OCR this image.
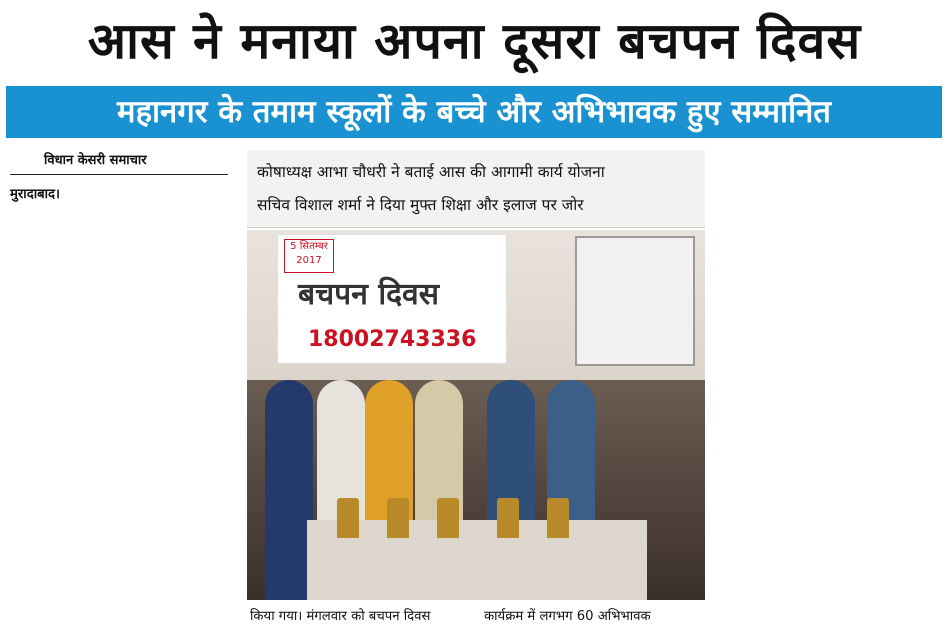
आस ने मनाया अपना दूसरा बचपन दिवस
महानगर के तमाम स्कूलों के बच्चे और अभिभावक हुए सम्मानित
विधान केसरी समाचार
मुरादाबाद।
कोषाध्यक्ष आभा चौधरी ने बताई आस की आगामी कार्य योजना
सचिव विशाल शर्मा ने दिया मुफ्त शिक्षा और इलाज पर जोर
5 सितम्बर 2017
बचपन दिवस
18002743336
किया गया। मंगलवार को बचपन दिवस	कार्यक्रम में लगभग 60 अभिभावक
